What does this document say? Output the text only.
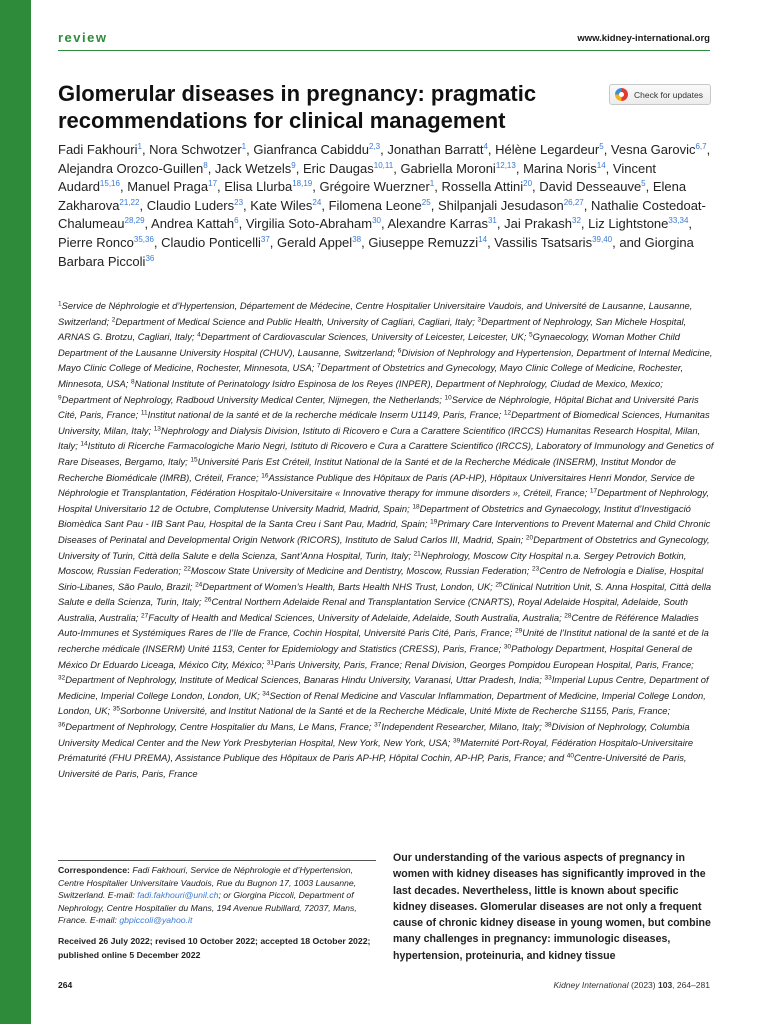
review	www.kidney-international.org
Glomerular diseases in pregnancy: pragmatic recommendations for clinical management
Check for updates
Fadi Fakhouri$^1$, Nora Schwotzer$^1$, Gianfranca Cabiddu$^{2,3}$, Jonathan Barratt$^4$, Hélène Legardeur$^5$, Vesna Garovic$^{6,7}$, Alejandra Orozco-Guillen$^8$, Jack Wetzels$^9$, Eric Daugas$^{10,11}$, Gabriella Moroni$^{12,13}$, Marina Noris$^{14}$, Vincent Audard$^{15,16}$, Manuel Praga$^{17}$, Elisa Llurba$^{18,19}$, Grégoire Wuerzner$^1$, Rossella Attini$^{20}$, David Desseauve$^5$, Elena Zakharova$^{21,22}$, Claudio Luders$^{23}$, Kate Wiles$^{24}$, Filomena Leone$^{25}$, Shilpanjali Jesudason$^{26,27}$, Nathalie Costedoat-Chalumeau$^{28,29}$, Andrea Kattah$^6$, Virgilia Soto-Abraham$^{30}$, Alexandre Karras$^{31}$, Jai Prakash$^{32}$, Liz Lightstone$^{33,34}$, Pierre Ronco$^{35,36}$, Claudio Ponticelli$^{37}$, Gerald Appel$^{38}$, Giuseppe Remuzzi$^{14}$, Vassilis Tsatsaris$^{39,40}$, and Giorgina Barbara Piccoli$^{36}$
$^1$Service de Néphrologie et d’Hypertension, Département de Médecine, Centre Hospitalier Universitaire Vaudois, and Université de Lausanne, Lausanne, Switzerland; $^2$Department of Medical Science and Public Health, University of Cagliari, Cagliari, Italy; $^3$Department of Nephrology, San Michele Hospital, ARNAS G. Brotzu, Cagliari, Italy; $^4$Department of Cardiovascular Sciences, University of Leicester, Leicester, UK; $^5$Gynaecology, Woman Mother Child Department of the Lausanne University Hospital (CHUV), Lausanne, Switzerland; $^6$Division of Nephrology and Hypertension, Department of Internal Medicine, Mayo Clinic College of Medicine, Rochester, Minnesota, USA; $^7$Department of Obstetrics and Gynecology, Mayo Clinic College of Medicine, Rochester, Minnesota, USA; $^8$National Institute of Perinatology Isidro Espinosa de los Reyes (INPER), Department of Nephrology, Ciudad de Mexico, Mexico; $^9$Department of Nephrology, Radboud University Medical Center, Nijmegen, the Netherlands; $^{10}$Service de Néphrologie, Hôpital Bichat and Université Paris Cité, Paris, France; $^{11}$Institut national de la santé et de la recherche médicale Inserm U1149, Paris, France; $^{12}$Department of Biomedical Sciences, Humanitas University, Milan, Italy; $^{13}$Nephrology and Dialysis Division, Istituto di Ricovero e Cura a Carattere Scientifico (IRCCS) Humanitas Research Hospital, Milan, Italy; $^{14}$Istituto di Ricerche Farmacologiche Mario Negri, Istituto di Ricovero e Cura a Carattere Scientifico (IRCCS), Laboratory of Immunology and Genetics of Rare Diseases, Bergamo, Italy; $^{15}$Université Paris Est Créteil, Institut National de la Santé et de la Recherche Médicale (INSERM), Institut Mondor de Recherche Biomédicale (IMRB), Créteil, France; $^{16}$Assistance Publique des Hôpitaux de Paris (AP-HP), Hôpitaux Universitaires Henri Mondor, Service de Néphrologie et Transplantation, Fédération Hospitalo-Universitaire « Innovative therapy for immune disorders », Créteil, France; $^{17}$Department of Nephrology, Hospital Universitario 12 de Octubre, Complutense University Madrid, Madrid, Spain; $^{18}$Department of Obstetrics and Gynaecology, Institut d’Investigació Biomèdica Sant Pau - IIB Sant Pau, Hospital de la Santa Creu i Sant Pau, Madrid, Spain; $^{19}$Primary Care Interventions to Prevent Maternal and Child Chronic Diseases of Perinatal and Developmental Origin Network (RICORS), Instituto de Salud Carlos III, Madrid, Spain; $^{20}$Department of Obstetrics and Gynecology, University of Turin, Città della Salute e della Scienza, Sant’Anna Hospital, Turin, Italy; $^{21}$Nephrology, Moscow City Hospital n.a. Sergey Petrovich Botkin, Moscow, Russian Federation; $^{22}$Moscow State University of Medicine and Dentistry, Moscow, Russian Federation; $^{23}$Centro de Nefrologia e Dialise, Hospital Sirio-Libanes, São Paulo, Brazil; $^{24}$Department of Women’s Health, Barts Health NHS Trust, London, UK; $^{25}$Clinical Nutrition Unit, S. Anna Hospital, Città della Salute e della Scienza, Turin, Italy; $^{26}$Central Northern Adelaide Renal and Transplantation Service (CNARTS), Royal Adelaide Hospital, Adelaide, South Australia, Australia; $^{27}$Faculty of Health and Medical Sciences, University of Adelaide, Adelaide, South Australia, Australia; $^{28}$Centre de Référence Maladies Auto-Immunes et Systémiques Rares de l’Ile de France, Cochin Hospital, Université Paris Cité, Paris, France; $^{29}$Unité de l’Institut national de la santé et de la recherche médicale (INSERM) Unité 1153, Center for Epidemiology and Statistics (CRESS), Paris, France; $^{30}$Pathology Department, Hospital General de México Dr Eduardo Liceaga, México City, México; $^{31}$Paris University, Paris, France; Renal Division, Georges Pompidou European Hospital, Paris, France; $^{32}$Department of Nephrology, Institute of Medical Sciences, Banaras Hindu University, Varanasi, Uttar Pradesh, India; $^{33}$Imperial Lupus Centre, Department of Medicine, Imperial College London, London, UK; $^{34}$Section of Renal Medicine and Vascular Inflammation, Department of Medicine, Imperial College London, London, UK; $^{35}$Sorbonne Université, and Institut National de la Santé et de la Recherche Médicale, Unité Mixte de Recherche S1155, Paris, France; $^{36}$Department of Nephrology, Centre Hospitalier du Mans, Le Mans, France; $^{37}$Independent Researcher, Milano, Italy; $^{38}$Division of Nephrology, Columbia University Medical Center and the New York Presbyterian Hospital, New York, New York, USA; $^{39}$Maternité Port-Royal, Fédération Hospitalo-Universitaire Prématurité (FHU PREMA), Assistance Publique des Hôpitaux de Paris AP-HP, Hôpital Cochin, AP-HP, Paris, France; and $^{40}$Centre-Université de Paris, Université de Paris, Paris, France
Correspondence: Fadi Fakhouri, Service de Néphrologie et d’Hypertension, Centre Hospitalier Universitaire Vaudois, Rue du Bugnon 17, 1003 Lausanne, Switzerland. E-mail: fadi.fakhouri@unil.ch; or Giorgina Piccoli, Department of Nephrology, Centre Hospitalier du Mans, 194 Avenue Rubillard, 72037, Mans, France. E-mail: gbpiccoli@yahoo.it
Received 26 July 2022; revised 10 October 2022; accepted 18 October 2022; published online 5 December 2022
Our understanding of the various aspects of pregnancy in women with kidney diseases has significantly improved in the last decades. Nevertheless, little is known about specific kidney diseases. Glomerular diseases are not only a frequent cause of chronic kidney disease in young women, but combine many challenges in pregnancy: immunologic diseases, hypertension, proteinuria, and kidney tissue
264	Kidney International (2023) 103, 264–281
